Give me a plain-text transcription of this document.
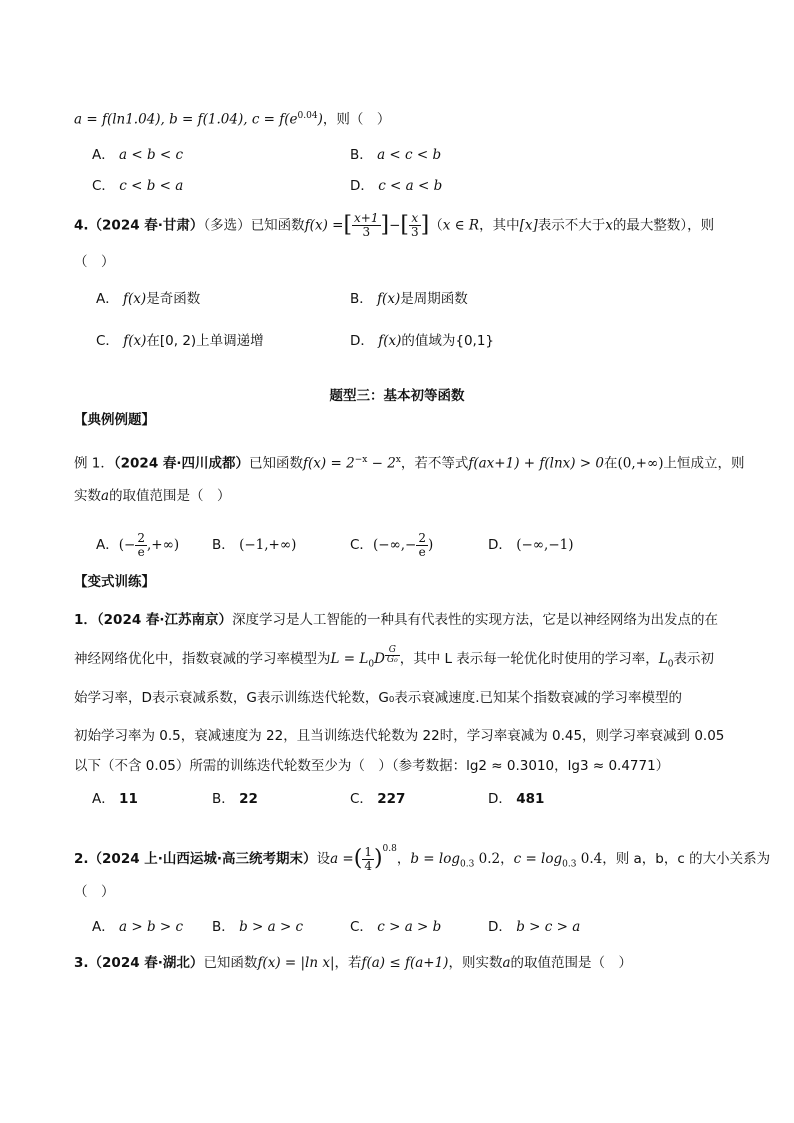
a = f(ln1.04), b = f(1.04), $c = f(e^{0.04})$，则（　）
A． a < b < c	B． a < c < b
C． c < b < a	D． c < a < b
4.（2024 春·甘肃）（多选）已知函数f(x) =[ $\frac{x+1}{3}$ ]−[ $\frac{x}{3} ](x$ ∈ R，其中[x]表示不大于x的最大整数），则
（　）
A． f(x)是奇函数	B． f(x)是周期函数
C． f(x)在[0, 2)上单调递增	D． f(x)的值域为{0,1}
题型三：基本初等函数
【典例例题】
例 1．（2024 春·四川成都）已知函数$f(x) = 2^{-x} - 2^x$，若不等式f(ax+1) + f(lnx) > 0在(0,+∞)上恒成立，则
实数a的取值范围是（　）
A．(− $\frac{2}{e}$ ,+∞) B． (−1,+∞)	C．(−∞,− $\frac{2}{e}$ )	D． (−∞,−1)
【变式训练】
1．（2024 春·江苏南京）深度学习是人工智能的一种具有代表性的实现方法，它是以神经网络为出发点的在
神经网络优化中，指数衰减的学习率模型为$L = L_0D \frac{G}{\text{G₀}}$ ，其中 L 表示每一轮优化时使用的学习率，$L_0$表示初
始学习率，D表示衰减系数，G表示训练迭代轮数，G₀表示衰减速度.已知某个指数衰减的学习率模型的
初始学习率为 0.5，衰减速度为 22，且当训练迭代轮数为 22时，学习率衰减为 0.45，则学习率衰减到 0.05
以下（不含 0.05）所需的训练迭代轮数至少为（　）（参考数据：lg2 ≈ 0.3010，lg3 ≈ 0.4771）
A． 11	B． 22	C． 227	D． 481
2.（2024 上·山西运城·高三统考期末）设a =( $\frac{1}{4} )^{0.8}$，$b = \log_{0.3} 0.2$，$c = \log_{0.3} 0.4$，则 a，b，c 的大小关系为
（　）
A． a > b > c B． b > a > c	C． c > a > b	D． b > c > a
3.（2024 春·湖北）已知函数f(x) = |ln x|，若f(a) ≤ f(a+1)，则实数a的取值范围是（　）
